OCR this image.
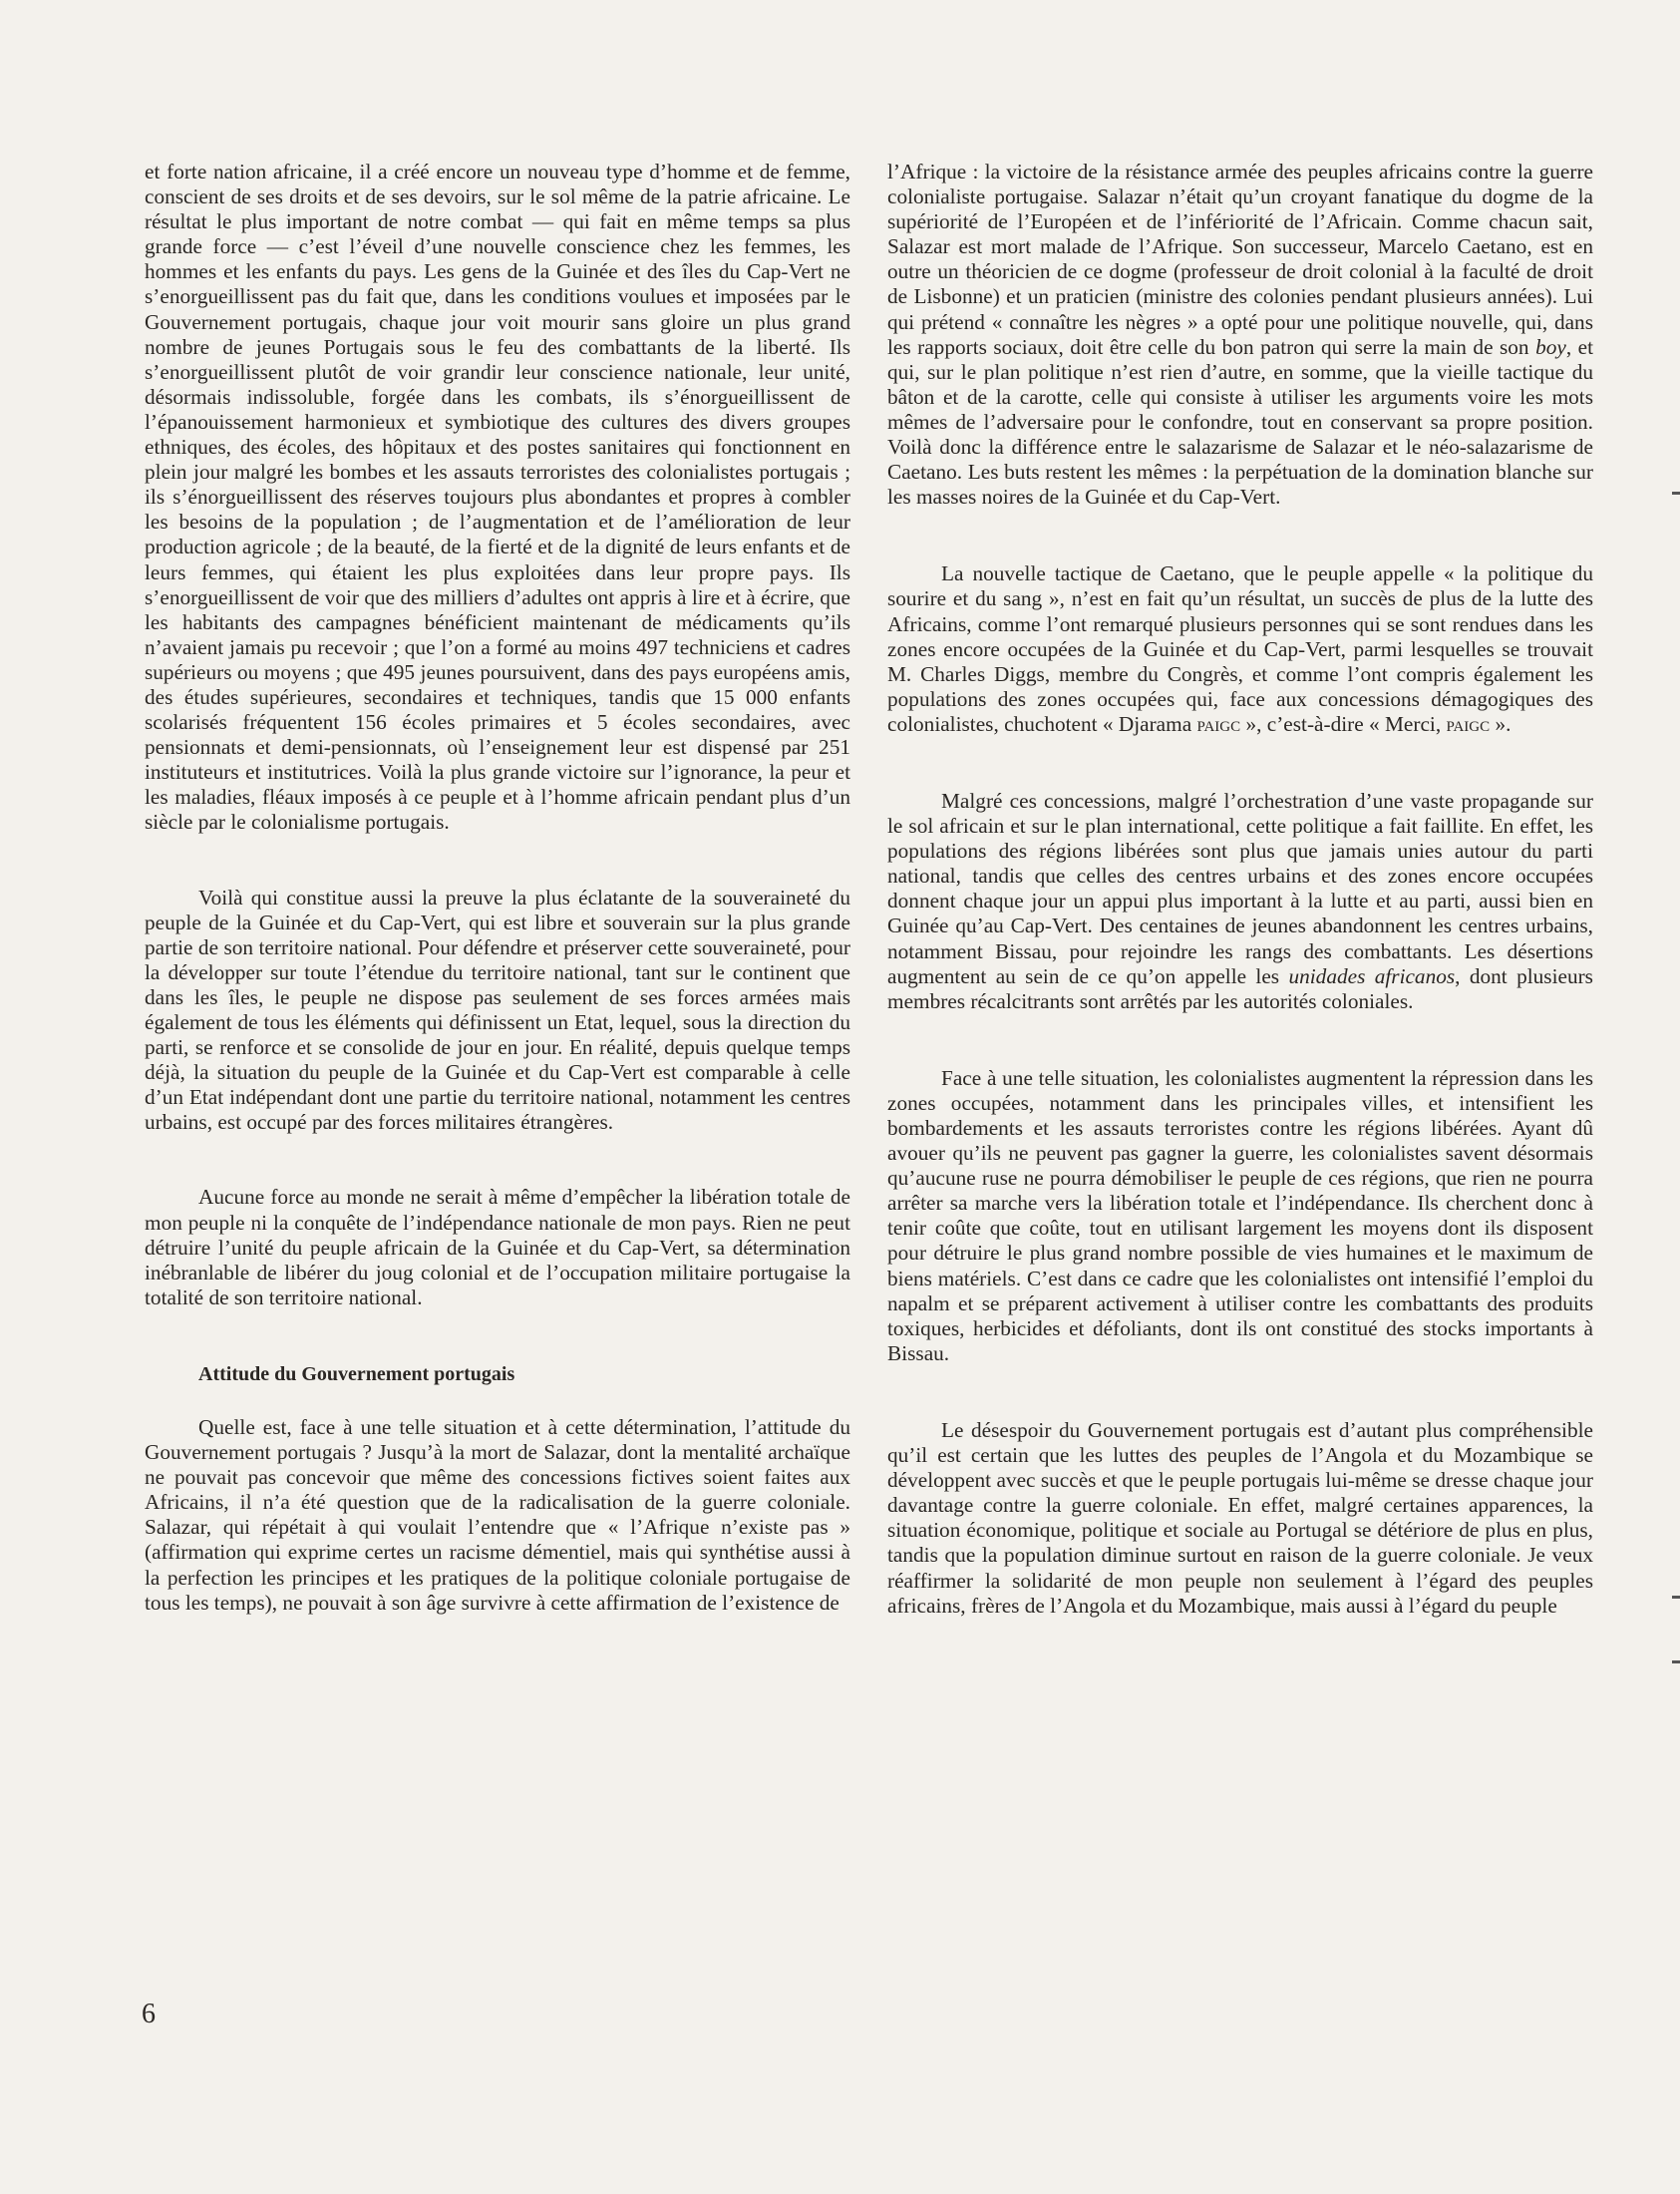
et forte nation africaine, il a créé encore un nouveau type d’homme et de femme, conscient de ses droits et de ses devoirs, sur le sol même de la patrie africaine. Le résultat le plus important de notre combat — qui fait en même temps sa plus grande force — c’est l’éveil d’une nouvelle conscience chez les femmes, les hommes et les enfants du pays. Les gens de la Guinée et des îles du Cap-Vert ne s’enorgueillissent pas du fait que, dans les conditions voulues et imposées par le Gouvernement portugais, chaque jour voit mourir sans gloire un plus grand nombre de jeunes Portugais sous le feu des combattants de la liberté. Ils s’enorgueillissent plutôt de voir grandir leur conscience nationale, leur unité, désormais indissoluble, forgée dans les combats, ils s’énorgueillissent de l’épanouissement harmonieux et symbiotique des cultures des divers groupes ethniques, des écoles, des hôpitaux et des postes sanitaires qui fonctionnent en plein jour malgré les bombes et les assauts terroristes des colonialistes portugais ; ils s’énorgueillissent des réserves toujours plus abondantes et propres à combler les besoins de la population ; de l’augmentation et de l’amélioration de leur production agricole ; de la beauté, de la fierté et de la dignité de leurs enfants et de leurs femmes, qui étaient les plus exploitées dans leur propre pays. Ils s’enorgueillissent de voir que des milliers d’adultes ont appris à lire et à écrire, que les habitants des campagnes bénéficient maintenant de médicaments qu’ils n’avaient jamais pu recevoir ; que l’on a formé au moins 497 techniciens et cadres supérieurs ou moyens ; que 495 jeunes poursuivent, dans des pays européens amis, des études supérieures, secondaires et techniques, tandis que 15 000 enfants scolarisés fréquentent 156 écoles primaires et 5 écoles secondaires, avec pensionnats et demi-pensionnats, où l’enseignement leur est dispensé par 251 instituteurs et institutrices. Voilà la plus grande victoire sur l’ignorance, la peur et les maladies, fléaux imposés à ce peuple et à l’homme africain pendant plus d’un siècle par le colonialisme portugais.

Voilà qui constitue aussi la preuve la plus éclatante de la souveraineté du peuple de la Guinée et du Cap-Vert, qui est libre et souverain sur la plus grande partie de son territoire national. Pour défendre et préserver cette souveraineté, pour la développer sur toute l’étendue du territoire national, tant sur le continent que dans les îles, le peuple ne dispose pas seulement de ses forces armées mais également de tous les éléments qui définissent un Etat, lequel, sous la direction du parti, se renforce et se consolide de jour en jour. En réalité, depuis quelque temps déjà, la situation du peuple de la Guinée et du Cap-Vert est comparable à celle d’un Etat indépendant dont une partie du territoire national, notamment les centres urbains, est occupé par des forces militaires étrangères.

Aucune force au monde ne serait à même d’empêcher la libération totale de mon peuple ni la conquête de l’indépendance nationale de mon pays. Rien ne peut détruire l’unité du peuple africain de la Guinée et du Cap-Vert, sa détermination inébranlable de libérer du joug colonial et de l’occupation militaire portugaise la totalité de son territoire national.

Attitude du Gouvernement portugais

Quelle est, face à une telle situation et à cette détermination, l’attitude du Gouvernement portugais ? Jusqu’à la mort de Salazar, dont la mentalité archaïque ne pouvait pas concevoir que même des concessions fictives soient faites aux Africains, il n’a été question que de la radicalisation de la guerre coloniale. Salazar, qui répétait à qui voulait l’entendre que « l’Afrique n’existe pas » (affirmation qui exprime certes un racisme démentiel, mais qui synthétise aussi à la perfection les principes et les pratiques de la politique coloniale portugaise de tous les temps), ne pouvait à son âge survivre à cette affirmation de l’existence de

l’Afrique : la victoire de la résistance armée des peuples africains contre la guerre colonialiste portugaise. Salazar n’était qu’un croyant fanatique du dogme de la supériorité de l’Européen et de l’infériorité de l’Africain. Comme chacun sait, Salazar est mort malade de l’Afrique. Son successeur, Marcelo Caetano, est en outre un théoricien de ce dogme (professeur de droit colonial à la faculté de droit de Lisbonne) et un praticien (ministre des colonies pendant plusieurs années). Lui qui prétend « connaître les nègres » a opté pour une politique nouvelle, qui, dans les rapports sociaux, doit être celle du bon patron qui serre la main de son boy, et qui, sur le plan politique n’est rien d’autre, en somme, que la vieille tactique du bâton et de la carotte, celle qui consiste à utiliser les arguments voire les mots mêmes de l’adversaire pour le confondre, tout en conservant sa propre position. Voilà donc la différence entre le salazarisme de Salazar et le néo-salazarisme de Caetano. Les buts restent les mêmes : la perpétuation de la domination blanche sur les masses noires de la Guinée et du Cap-Vert.

La nouvelle tactique de Caetano, que le peuple appelle « la politique du sourire et du sang », n’est en fait qu’un résultat, un succès de plus de la lutte des Africains, comme l’ont remarqué plusieurs personnes qui se sont rendues dans les zones encore occupées de la Guinée et du Cap-Vert, parmi lesquelles se trouvait M. Charles Diggs, membre du Congrès, et comme l’ont compris également les populations des zones occupées qui, face aux concessions démagogiques des colonialistes, chuchotent « Djarama paigc », c’est-à-dire « Merci, paigc ».

Malgré ces concessions, malgré l’orchestration d’une vaste propagande sur le sol africain et sur le plan international, cette politique a fait faillite. En effet, les populations des régions libérées sont plus que jamais unies autour du parti national, tandis que celles des centres urbains et des zones encore occupées donnent chaque jour un appui plus important à la lutte et au parti, aussi bien en Guinée qu’au Cap-Vert. Des centaines de jeunes abandonnent les centres urbains, notamment Bissau, pour rejoindre les rangs des combattants. Les désertions augmentent au sein de ce qu’on appelle les unidades africanos, dont plusieurs membres récalcitrants sont arrêtés par les autorités coloniales.

Face à une telle situation, les colonialistes augmentent la répression dans les zones occupées, notamment dans les principales villes, et intensifient les bombardements et les assauts terroristes contre les régions libérées. Ayant dû avouer qu’ils ne peuvent pas gagner la guerre, les colonialistes savent désormais qu’aucune ruse ne pourra démobiliser le peuple de ces régions, que rien ne pourra arrêter sa marche vers la libération totale et l’indépendance. Ils cherchent donc à tenir coûte que coûte, tout en utilisant largement les moyens dont ils disposent pour détruire le plus grand nombre possible de vies humaines et le maximum de biens matériels. C’est dans ce cadre que les colonialistes ont intensifié l’emploi du napalm et se préparent activement à utiliser contre les combattants des produits toxiques, herbicides et défoliants, dont ils ont constitué des stocks importants à Bissau.

Le désespoir du Gouvernement portugais est d’autant plus compréhensible qu’il est certain que les luttes des peuples de l’Angola et du Mozambique se développent avec succès et que le peuple portugais lui-même se dresse chaque jour davantage contre la guerre coloniale. En effet, malgré certaines apparences, la situation économique, politique et sociale au Portugal se détériore de plus en plus, tandis que la population diminue surtout en raison de la guerre coloniale. Je veux réaffirmer la solidarité de mon peuple non seulement à l’égard des peuples africains, frères de l’Angola et du Mozambique, mais aussi à l’égard du peuple

6
